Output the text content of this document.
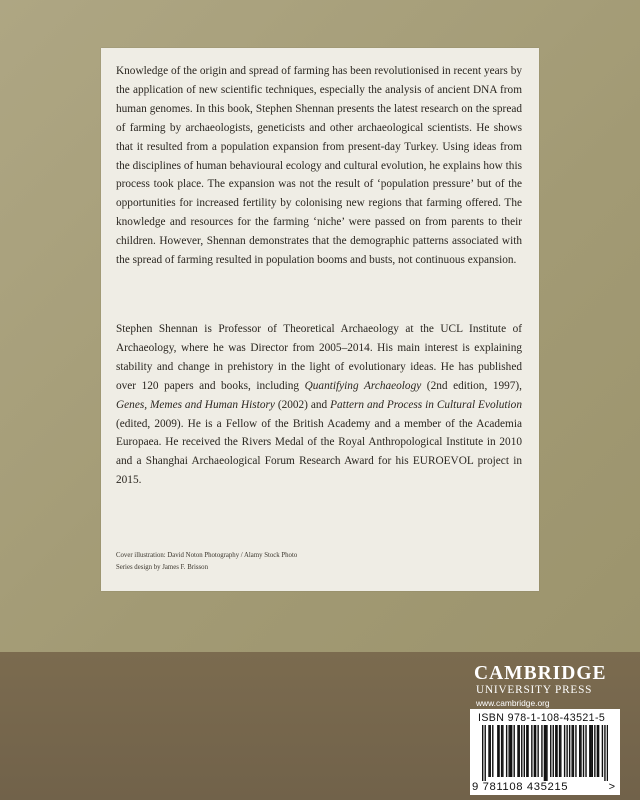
Knowledge of the origin and spread of farming has been revolutionised in recent years by the application of new scientific techniques, especially the analysis of ancient DNA from human genomes. In this book, Stephen Shennan presents the latest research on the spread of farming by archaeologists, geneticists and other archaeological scientists. He shows that it resulted from a population expansion from present-day Turkey. Using ideas from the disciplines of human behavioural ecology and cultural evolution, he explains how this process took place. The expansion was not the result of ‘population pressure’ but of the opportunities for increased fertility by colonising new regions that farming offered. The knowledge and resources for the farming ‘niche’ were passed on from parents to their children. However, Shennan demonstrates that the demographic patterns associated with the spread of farming resulted in population booms and busts, not continuous expansion.

Stephen Shennan is Professor of Theoretical Archaeology at the UCL Institute of Archaeology, where he was Director from 2005–2014. His main interest is explaining stability and change in prehistory in the light of evolutionary ideas. He has published over 120 papers and books, including Quantifying Archaeology (2nd edition, 1997), Genes, Memes and Human History (2002) and Pattern and Process in Cultural Evolution (edited, 2009). He is a Fellow of the British Academy and a member of the Academia Europaea. He received the Rivers Medal of the Royal Anthropological Institute in 2010 and a Shanghai Archaeological Forum Research Award for his EUROEVOL project in 2015.

Cover illustration: David Noton Photography / Alamy Stock Photo
Series design by James F. Brisson
CAMBRIDGE
UNIVERSITY PRESS
www.cambridge.org
ISBN 978-1-108-43521-5
9 781108 435215	>
